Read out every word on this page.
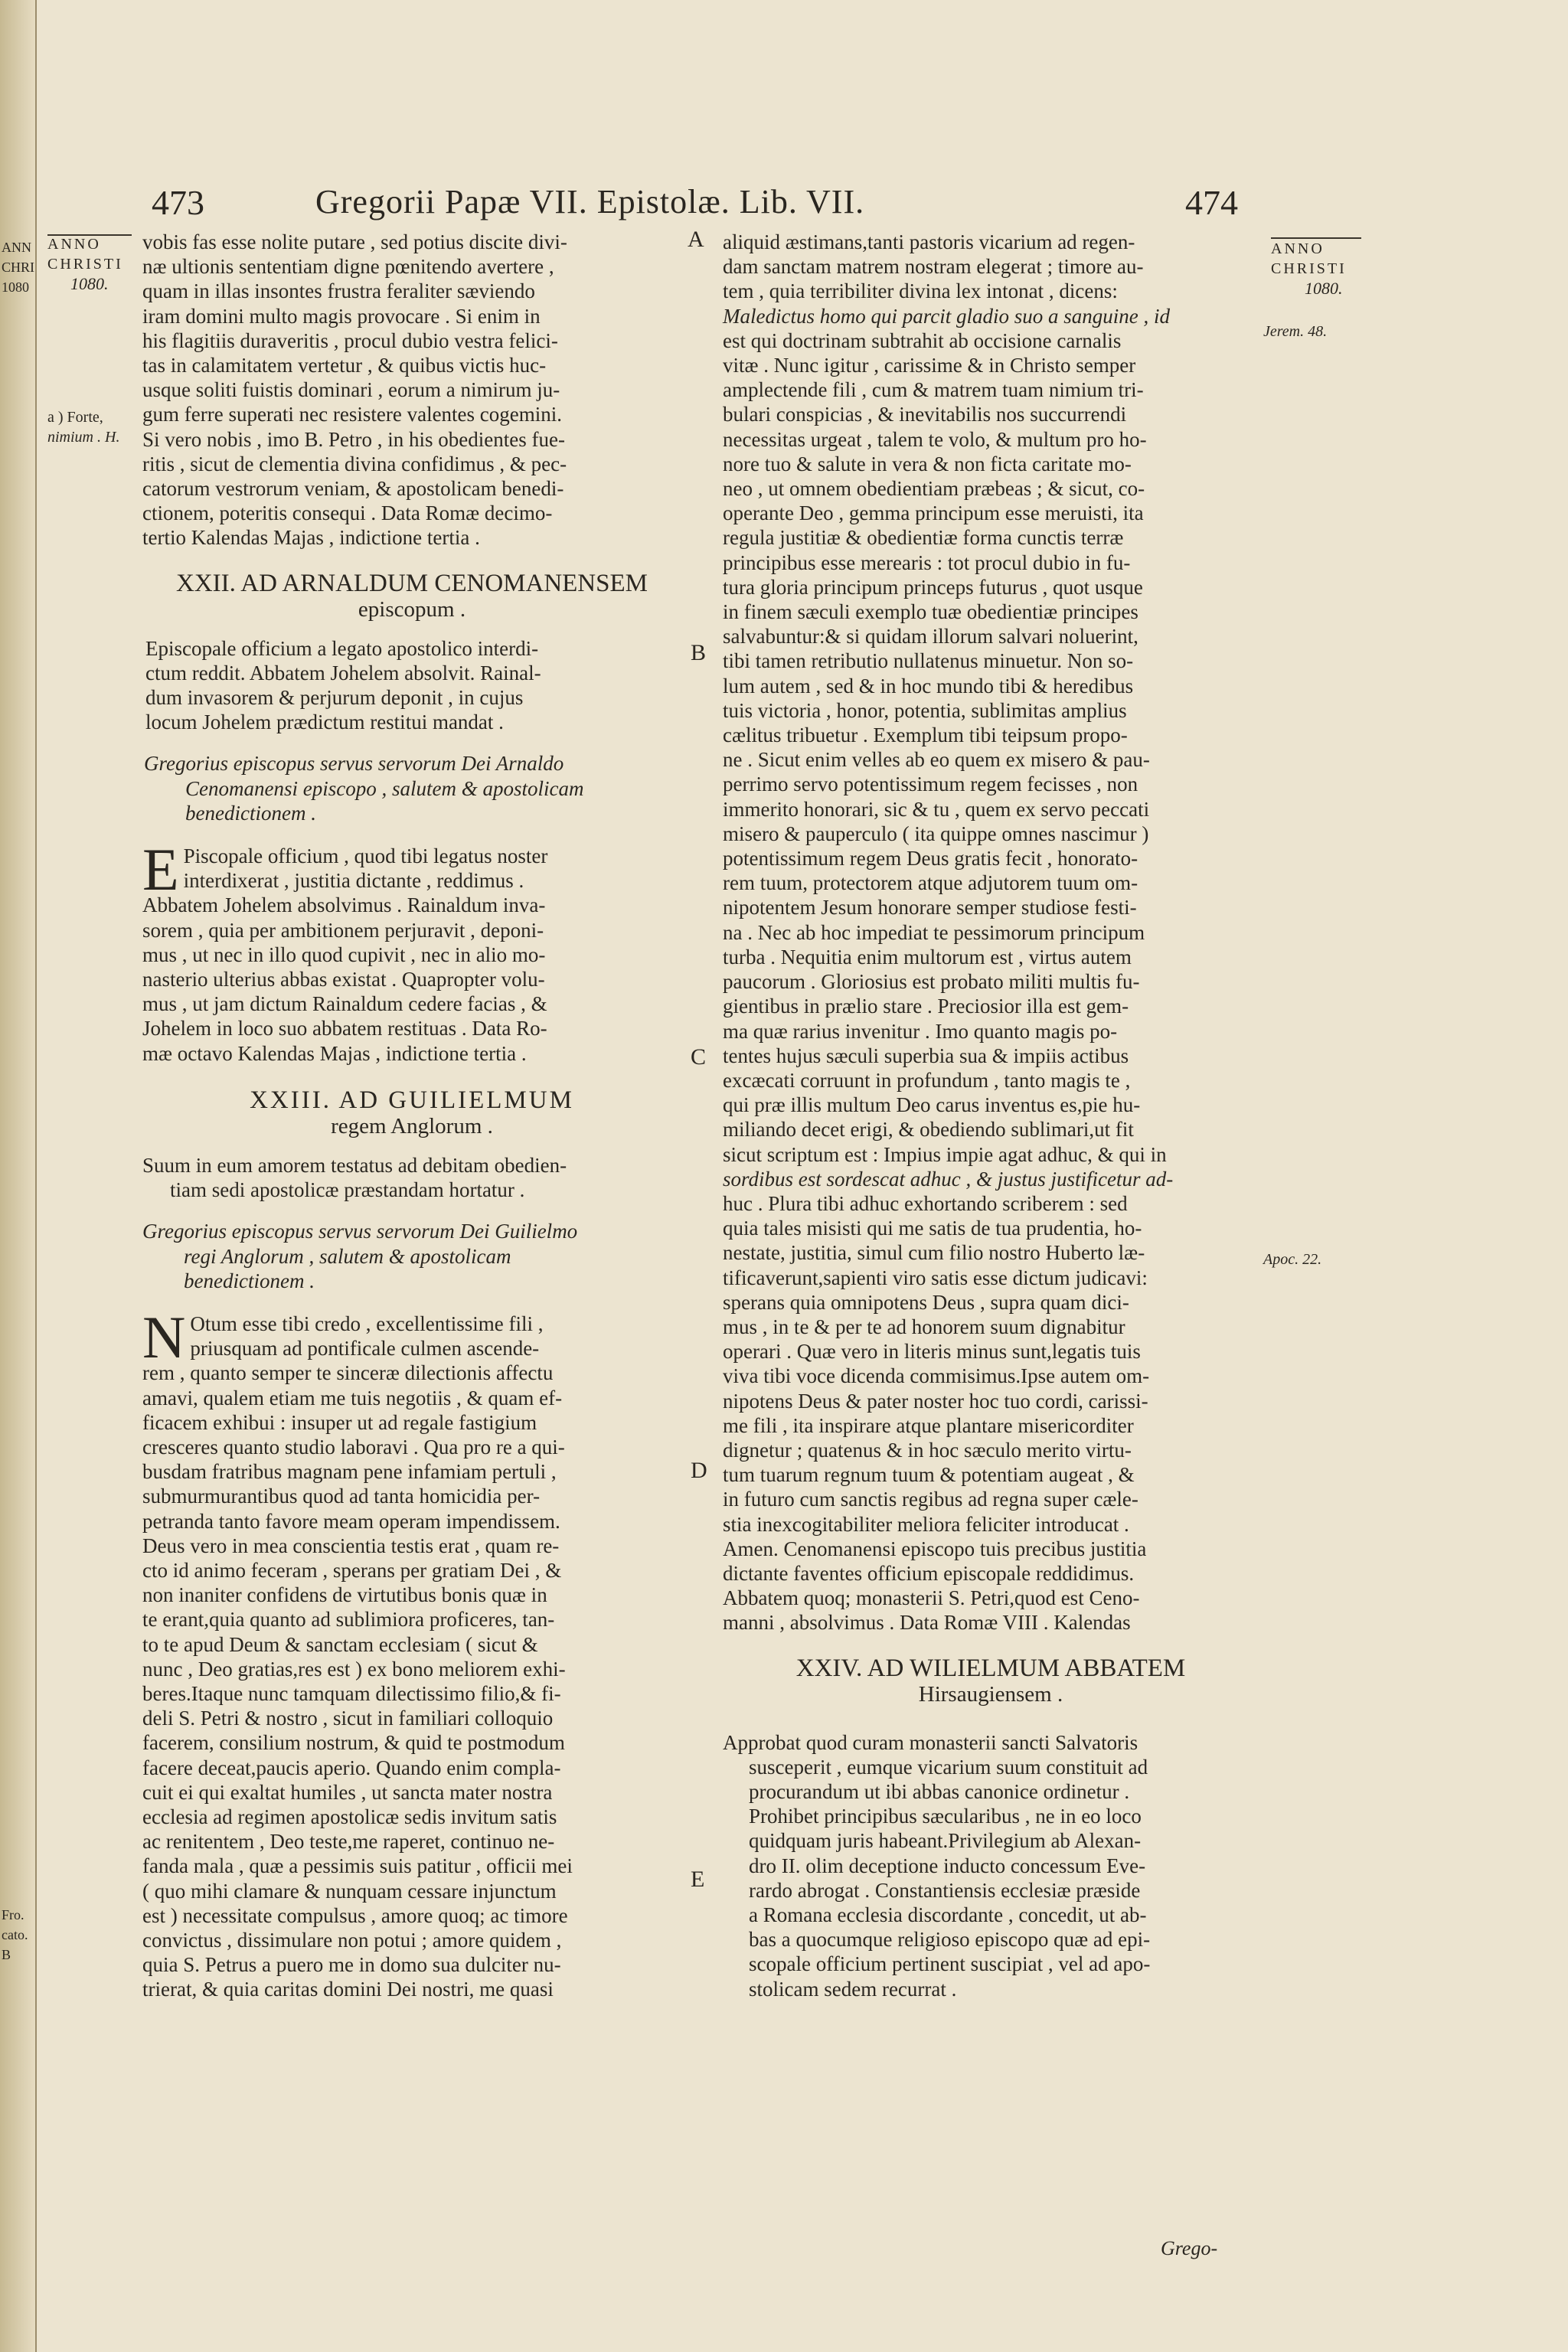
ANN CHRI 1080
Fro. cato. B
473	Gregorii Papæ VII. Epistolæ. Lib. VII.	474
ANNO
CHRISTI
1080.
a ) Forte,
nimium . H.
A
B
C
D
E
ANNO
CHRISTI
1080.
Jerem. 48.
Apoc. 22.
vobis fas esse nolite putare , sed potius discite divi-
næ ultionis sententiam digne pœnitendo avertere ,
quam in illas insontes frustra feraliter sæviendo
iram domini multo magis provocare . Si enim in
his flagitiis duraveritis , procul dubio vestra felici-
tas in calamitatem vertetur , & quibus victis huc-
usque soliti fuistis dominari , eorum a nimirum ju-
gum ferre superati nec resistere valentes cogemini.
Si vero nobis , imo B. Petro , in his obedientes fue-
ritis , sicut de clementia divina confidimus , & pec-
catorum vestrorum veniam, & apostolicam benedi-
ctionem, poteritis consequi . Data Romæ decimo-
tertio Kalendas Majas , indictione tertia .
XXII. AD ARNALDUM CENOMANENSEM
episcopum .
Episcopale officium a legato apostolico interdi-
ctum reddit. Abbatem Johelem absolvit. Rainal-
dum invasorem & perjurum deponit , in cujus
locum Johelem prædictum restitui mandat .
Gregorius episcopus servus servorum Dei Arnaldo
Cenomanensi episcopo , salutem & apostolicam
benedictionem .
E Piscopale officium , quod tibi legatus noster
interdixerat , justitia dictante , reddimus .
Abbatem Johelem absolvimus . Rainaldum inva-
sorem , quia per ambitionem perjuravit , deponi-
mus , ut nec in illo quod cupivit , nec in alio mo-
nasterio ulterius abbas existat . Quapropter volu-
mus , ut jam dictum Rainaldum cedere facias , &
Johelem in loco suo abbatem restituas . Data Ro-
mæ octavo Kalendas Majas , indictione tertia .
XXIII. AD GUILIELMUM
regem Anglorum .
Suum in eum amorem testatus ad debitam obedien-
tiam sedi apostolicæ præstandam hortatur .
Gregorius episcopus servus servorum Dei Guilielmo
regi Anglorum , salutem & apostolicam
benedictionem .
N Otum esse tibi credo , excellentissime fili ,
priusquam ad pontificale culmen ascende-
rem , quanto semper te sinceræ dilectionis affectu
amavi, qualem etiam me tuis negotiis , & quam ef-
ficacem exhibui : insuper ut ad regale fastigium
cresceres quanto studio laboravi . Qua pro re a qui-
busdam fratribus magnam pene infamiam pertuli ,
submurmurantibus quod ad tanta homicidia per-
petranda tanto favore meam operam impendissem.
Deus vero in mea conscientia testis erat , quam re-
cto id animo feceram , sperans per gratiam Dei , &
non inaniter confidens de virtutibus bonis quæ in
te erant,quia quanto ad sublimiora proficeres, tan-
to te apud Deum & sanctam ecclesiam ( sicut &
nunc , Deo gratias,res est ) ex bono meliorem exhi-
beres.Itaque nunc tamquam dilectissimo filio,& fi-
deli S. Petri & nostro , sicut in familiari colloquio
facerem, consilium nostrum, & quid te postmodum
facere deceat,paucis aperio. Quando enim compla-
cuit ei qui exaltat humiles , ut sancta mater nostra
ecclesia ad regimen apostolicæ sedis invitum satis
ac renitentem , Deo teste,me raperet, continuo ne-
fanda mala , quæ a pessimis suis patitur , officii mei
( quo mihi clamare & nunquam cessare injunctum
est ) necessitate compulsus , amore quoq; ac timore
convictus , dissimulare non potui ; amore quidem ,
quia S. Petrus a puero me in domo sua dulciter nu-
trierat, & quia caritas domini Dei nostri, me quasi
aliquid æstimans,tanti pastoris vicarium ad regen-
dam sanctam matrem nostram elegerat ; timore au-
tem , quia terribiliter divina lex intonat , dicens:
Maledictus homo qui parcit gladio suo a sanguine , id
est qui doctrinam subtrahit ab occisione carnalis
vitæ . Nunc igitur , carissime & in Christo semper
amplectende fili , cum & matrem tuam nimium tri-
bulari conspicias , & inevitabilis nos succurrendi
necessitas urgeat , talem te volo, & multum pro ho-
nore tuo & salute in vera & non ficta caritate mo-
neo , ut omnem obedientiam præbeas ; & sicut, co-
operante Deo , gemma principum esse meruisti, ita
regula justitiæ & obedientiæ forma cunctis terræ
principibus esse merearis : tot procul dubio in fu-
tura gloria principum princeps futurus , quot usque
in finem sæculi exemplo tuæ obedientiæ principes
salvabuntur:& si quidam illorum salvari noluerint,
tibi tamen retributio nullatenus minuetur. Non so-
lum autem , sed & in hoc mundo tibi & heredibus
tuis victoria , honor, potentia, sublimitas amplius
cælitus tribuetur . Exemplum tibi teipsum propo-
ne . Sicut enim velles ab eo quem ex misero & pau-
perrimo servo potentissimum regem fecisses , non
immerito honorari, sic & tu , quem ex servo peccati
misero & pauperculo ( ita quippe omnes nascimur )
potentissimum regem Deus gratis fecit , honorato-
rem tuum, protectorem atque adjutorem tuum om-
nipotentem Jesum honorare semper studiose festi-
na . Nec ab hoc impediat te pessimorum principum
turba . Nequitia enim multorum est , virtus autem
paucorum . Gloriosius est probato militi multis fu-
gientibus in prælio stare . Preciosior illa est gem-
ma quæ rarius invenitur . Imo quanto magis po-
tentes hujus sæculi superbia sua & impiis actibus
excæcati corruunt in profundum , tanto magis te ,
qui præ illis multum Deo carus inventus es,pie hu-
miliando decet erigi, & obediendo sublimari,ut fit
sicut scriptum est : Impius impie agat adhuc, & qui in
sordibus est sordescat adhuc , & justus justificetur ad-
huc . Plura tibi adhuc exhortando scriberem : sed
quia tales misisti qui me satis de tua prudentia, ho-
nestate, justitia, simul cum filio nostro Huberto læ-
tificaverunt,sapienti viro satis esse dictum judicavi:
sperans quia omnipotens Deus , supra quam dici-
mus , in te & per te ad honorem suum dignabitur
operari . Quæ vero in literis minus sunt,legatis tuis
viva tibi voce dicenda commisimus.Ipse autem om-
nipotens Deus & pater noster hoc tuo cordi, carissi-
me fili , ita inspirare atque plantare misericorditer
dignetur ; quatenus & in hoc sæculo merito virtu-
tum tuarum regnum tuum & potentiam augeat , &
in futuro cum sanctis regibus ad regna super cæle-
stia inexcogitabiliter meliora feliciter introducat .
Amen. Cenomanensi episcopo tuis precibus justitia
dictante faventes officium episcopale reddidimus.
Abbatem quoq; monasterii S. Petri,quod est Ceno-
manni , absolvimus . Data Romæ VIII . Kalendas
XXIV. AD WILIELMUM ABBATEM
Hirsaugiensem .
Approbat quod curam monasterii sancti Salvatoris
susceperit , eumque vicarium suum constituit ad
procurandum ut ibi abbas canonice ordinetur .
Prohibet principibus sæcularibus , ne in eo loco
quidquam juris habeant.Privilegium ab Alexan-
dro II. olim deceptione inducto concessum Eve-
rardo abrogat . Constantiensis ecclesiæ præside
a Romana ecclesia discordante , concedit, ut ab-
bas a quocumque religioso episcopo quæ ad epi-
scopale officium pertinent suscipiat , vel ad apo-
stolicam sedem recurrat .
Grego-
